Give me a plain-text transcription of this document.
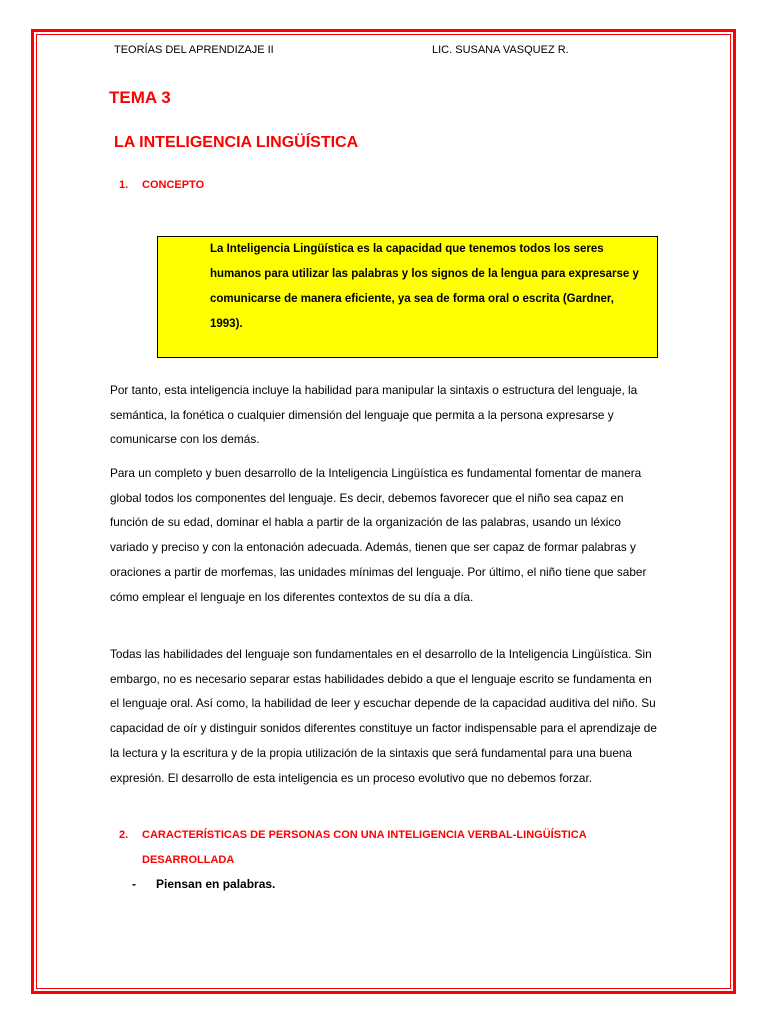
TEORÍAS DEL APRENDIZAJE II	LIC. SUSANA VASQUEZ R.
TEMA 3
LA INTELIGENCIA LINGÜÍSTICA
1. CONCEPTO

La Inteligencia Lingüística es la capacidad que tenemos todos los seres humanos para utilizar las palabras y los signos de la lengua para expresarse y comunicarse de manera eficiente, ya sea de forma oral o escrita (Gardner, 1993).

Por tanto, esta inteligencia incluye la habilidad para manipular la sintaxis o estructura del lenguaje, la semántica, la fonética o cualquier dimensión del lenguaje que permita a la persona expresarse y comunicarse con los demás.

Para un completo y buen desarrollo de la Inteligencia Lingüística es fundamental fomentar de manera global todos los componentes del lenguaje. Es decir, debemos favorecer que el niño sea capaz en función de su edad, dominar el habla a partir de la organización de las palabras, usando un léxico variado y preciso y con la entonación adecuada. Además, tienen que ser capaz de formar palabras y oraciones a partir de morfemas, las unidades mínimas del lenguaje. Por último, el niño tiene que saber cómo emplear el lenguaje en los diferentes contextos de su día a día.

Todas las habilidades del lenguaje son fundamentales en el desarrollo de la Inteligencia Lingüística. Sin embargo, no es necesario separar estas habilidades debido a que el lenguaje escrito se fundamenta en el lenguaje oral. Así como, la habilidad de leer y escuchar depende de la capacidad auditiva del niño. Su capacidad de oír y distinguir sonidos diferentes constituye un factor indispensable para el aprendizaje de la lectura y la escritura y de la propia utilización de la sintaxis que será fundamental para una buena expresión. El desarrollo de esta inteligencia es un proceso evolutivo que no debemos forzar.

2. CARACTERÍSTICAS DE PERSONAS CON UNA INTELIGENCIA VERBAL-LINGÜÍSTICA DESARROLLADA
- Piensan en palabras.
